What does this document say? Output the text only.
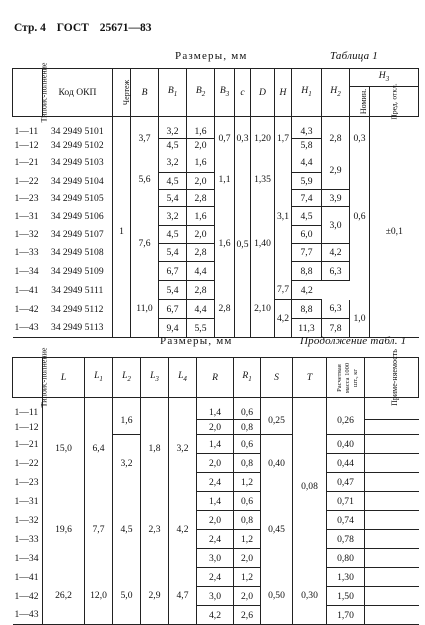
Стр. 4 ГОСТ 25671—83
Размеры, мм	Таблица 1
Типоис-полнение	Код ОКП	Чертеж	B	$B_1$	$B_2$	$B_3$	c	D	H	$H_1$	$H_2$	$H_3$
												Номин.	Пред. откл.
1—11	34 2949 5101	1	3,7	3,2	1,6	0,7	0,3	1,20	1,7	4,3	2,8	0,3	±0,1
1—12	34 2949 5102			4,5	2,0					5,8			
1—21	34 2949 5103		5,6	3,2	1,6	1,1	0,5	1,35	3,1	4,4	2,9	0,6	
1—22	34 2949 5104			4,5	2,0					5,9			
1—23	34 2949 5105			5,4	2,8					7,4	3,9		
1—31	34 2949 5106		7,6	3,2	1,6	1,6		1,40		4,5	3,0		
1—32	34 2949 5107			4,5	2,0					6,0			
1—33	34 2949 5108			5,4	2,8					7,7	4,2		
1—34	34 2949 5109			6,7	4,4					8,8	6,3		
1—41	34 2949 5111		11,0	5,4	2,8	2,8		2,10	7,7	4,2			
1—42	34 2949 5112			6,7	4,4				4,2	8,8	6,3	1,0	
1—43	34 2949 5113			9,4	5,5					11,3	7,8		
Размеры, мм	Продолжение табл. 1
Типоис-полнение	L	$L_1$	$L_2$	$L_3$	$L_4$	R	$R_1$	S	T	Расчетная масса 1000 шт., кг	Приме-няемость
1—11	15,0	6,4	1,6	1,8	3,2	1,4	0,6	0,25	0,08	0,26	
1—12						2,0	0,8				
1—21			3,2			1,4	0,6	0,40		0,40	
1—22						2,0	0,8			0,44	
1—23						2,4	1,2			0,47	
1—31	19,6	7,7	4,5	2,3	4,2	1,4	0,6	0,45		0,71	
1—32						2,0	0,8			0,74	
1—33						2,4	1,2			0,78	
1—34						3,0	2,0			0,80	
1—41	26,2	12,0	5,0	2,9	4,7	2,4	1,2	0,50	0,30	1,30	
1—42						3,0	2,0			1,50	
1—43						4,2	2,6			1,70	
